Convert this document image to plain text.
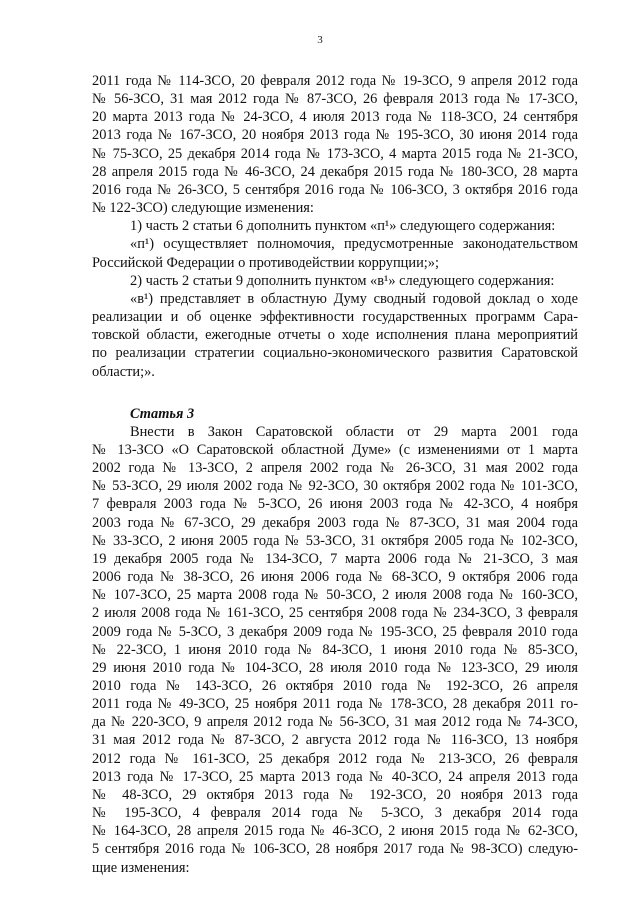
3
2011 года № 114-ЗСО, 20 февраля 2012 года № 19-ЗСО, 9 апреля 2012 года
№ 56-ЗСО, 31 мая 2012 года № 87-ЗСО, 26 февраля 2013 года № 17-ЗСО,
20 марта 2013 года № 24-ЗСО, 4 июля 2013 года № 118-ЗСО, 24 сентября
2013 года № 167-ЗСО, 20 ноября 2013 года № 195-ЗСО, 30 июня 2014 года
№ 75-ЗСО, 25 декабря 2014 года № 173-ЗСО, 4 марта 2015 года № 21-ЗСО,
28 апреля 2015 года № 46-ЗСО, 24 декабря 2015 года № 180-ЗСО, 28 марта
2016 года № 26-ЗСО, 5 сентября 2016 года № 106-ЗСО, 3 октября 2016 года
№ 122-ЗСО) следующие изменения:
1) часть 2 статьи 6 дополнить пунктом «п¹» следующего содержания:
«п¹) осуществляет полномочия, предусмотренные законодательством
Российской Федерации о противодействии коррупции;»;
2) часть 2 статьи 9 дополнить пунктом «в¹» следующего содержания:
«в¹) представляет в областную Думу сводный годовой доклад о ходе
реализации и об оценке эффективности государственных программ Сара-
товской области, ежегодные отчеты о ходе исполнения плана мероприятий
по реализации стратегии социально-экономического развития Саратовской
области;».
Статья 3
Внести в Закон Саратовской области от 29 марта 2001 года
№ 13-ЗСО «О Саратовской областной Думе» (с изменениями от 1 марта
2002 года № 13-ЗСО, 2 апреля 2002 года № 26-ЗСО, 31 мая 2002 года
№ 53-ЗСО, 29 июля 2002 года № 92-ЗСО, 30 октября 2002 года № 101-ЗСО,
7 февраля 2003 года № 5-ЗСО, 26 июня 2003 года № 42-ЗСО, 4 ноября
2003 года № 67-ЗСО, 29 декабря 2003 года № 87-ЗСО, 31 мая 2004 года
№ 33-ЗСО, 2 июня 2005 года № 53-ЗСО, 31 октября 2005 года № 102-ЗСО,
19 декабря 2005 года № 134-ЗСО, 7 марта 2006 года № 21-ЗСО, 3 мая
2006 года № 38-ЗСО, 26 июня 2006 года № 68-ЗСО, 9 октября 2006 года
№ 107-ЗСО, 25 марта 2008 года № 50-ЗСО, 2 июля 2008 года № 160-ЗСО,
2 июля 2008 года № 161-ЗСО, 25 сентября 2008 года № 234-ЗСО, 3 февраля
2009 года № 5-ЗСО, 3 декабря 2009 года № 195-ЗСО, 25 февраля 2010 года
№ 22-ЗСО, 1 июня 2010 года № 84-ЗСО, 1 июня 2010 года № 85-ЗСО,
29 июня 2010 года № 104-ЗСО, 28 июля 2010 года № 123-ЗСО, 29 июля
2010 года № 143-ЗСО, 26 октября 2010 года № 192-ЗСО, 26 апреля
2011 года № 49-ЗСО, 25 ноября 2011 года № 178-ЗСО, 28 декабря 2011 го-
да № 220-ЗСО, 9 апреля 2012 года № 56-ЗСО, 31 мая 2012 года № 74-ЗСО,
31 мая 2012 года № 87-ЗСО, 2 августа 2012 года № 116-ЗСО, 13 ноября
2012 года № 161-ЗСО, 25 декабря 2012 года № 213-ЗСО, 26 февраля
2013 года № 17-ЗСО, 25 марта 2013 года № 40-ЗСО, 24 апреля 2013 года
№ 48-ЗСО, 29 октября 2013 года № 192-ЗСО, 20 ноября 2013 года
№ 195-ЗСО, 4 февраля 2014 года № 5-ЗСО, 3 декабря 2014 года
№ 164-ЗСО, 28 апреля 2015 года № 46-ЗСО, 2 июня 2015 года № 62-ЗСО,
5 сентября 2016 года № 106-ЗСО, 28 ноября 2017 года № 98-ЗСО) следую-
щие изменения:
